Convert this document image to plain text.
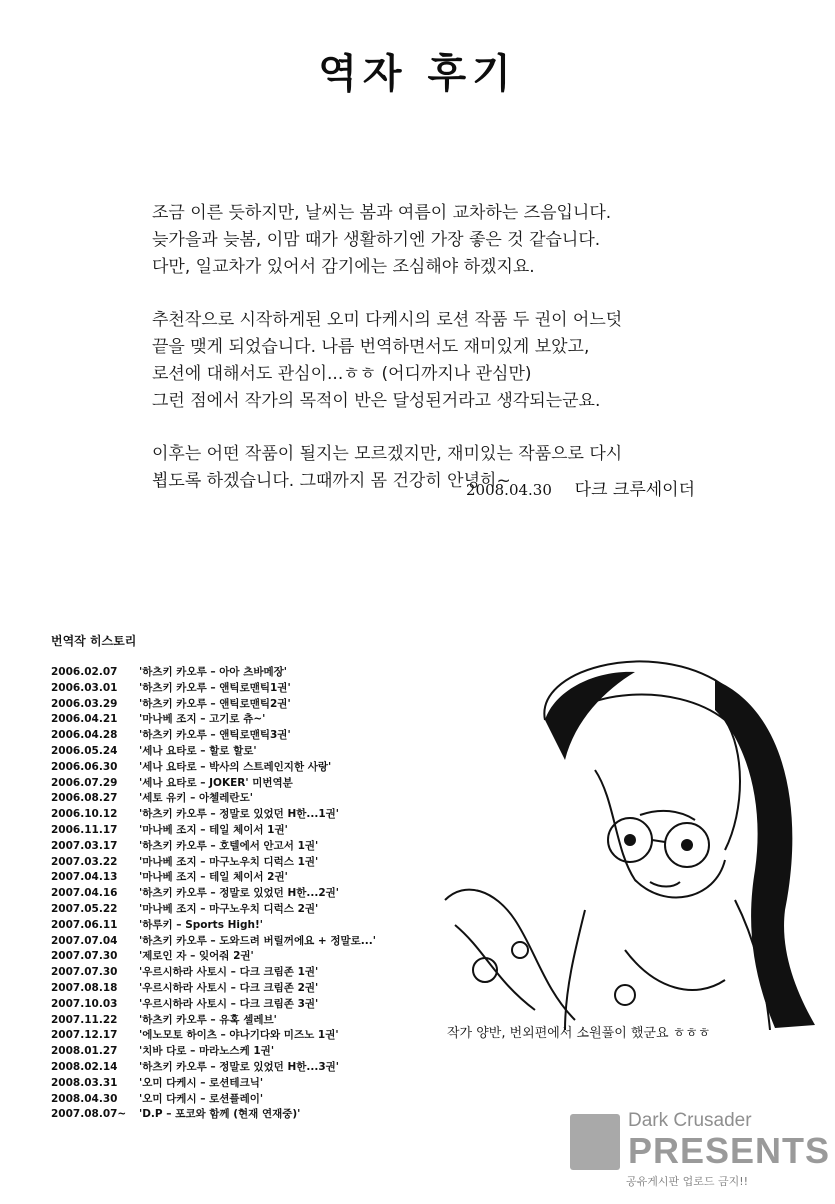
역자 후기
조금 이른 듯하지만, 날씨는 봄과 여름이 교차하는 즈음입니다.
늦가을과 늦봄, 이맘 때가 생활하기엔 가장 좋은 것 같습니다.
다만, 일교차가 있어서 감기에는 조심해야 하겠지요.
추천작으로 시작하게된 오미 다케시의 로션 작품 두 권이 어느덧
끝을 맺게 되었습니다. 나름 번역하면서도 재미있게 보았고,
로션에 대해서도 관심이...ㅎㅎ (어디까지나 관심만)
그런 점에서 작가의 목적이 반은 달성된거라고 생각되는군요.
이후는 어떤 작품이 될지는 모르겠지만, 재미있는 작품으로 다시
뵙도록 하겠습니다. 그때까지 몸 건강히 안녕히~
2008.04.30 다크 크루세이더
번역작 히스토리
2006.02.07 '하츠키 카오루 – 아아 츠바메장'
2006.03.01 '하츠키 카오루 – 앤틱로맨틱1권'
2006.03.29 '하츠키 카오루 – 앤틱로맨틱2권'
2006.04.21 '마나베 조지 – 고기로 츄~'
2006.04.28 '하츠키 카오루 – 앤틱로맨틱3권'
2006.05.24 '세나 요타로 – 할로 할로'
2006.06.30 '세나 요타로 – 박사의 스트레인지한 사랑'
2006.07.29 '세나 요타로 – JOKER' 미번역분
2006.08.27 '세토 유키 – 아첼레란도'
2006.10.12 '하츠키 카오루 – 정말로 있었던 H한...1권'
2006.11.17 '마나베 조지 – 테일 체이서 1권'
2007.03.17 '하츠키 카오루 – 호텔에서 안고서 1권'
2007.03.22 '마나베 조지 – 마구노우치 디럭스 1권'
2007.04.13 '마나베 조지 – 테일 체이서 2권'
2007.04.16 '하츠키 카오루 – 정말로 있었던 H한...2권'
2007.05.22 '마나베 조지 – 마구노우치 디럭스 2권'
2007.06.11 '하루키 – Sports High!'
2007.07.04 '하츠키 카오루 – 도와드려 버릴꺼에요 + 정말로...'
2007.07.30 '제로인 자 – 잊어줘 2권'
2007.07.30 '우르시하라 사토시 – 다크 크림존 1권'
2007.08.18 '우르시하라 사토시 – 다크 크림존 2권'
2007.10.03 '우르시하라 사토시 – 다크 크림존 3권'
2007.11.22 '하츠키 카오루 – 유혹 셀레브'
2007.12.17 '에노모토 하이츠 – 야나기다와 미즈노 1권'
2008.01.27 '치바 다로 – 마라노스케 1권'
2008.02.14 '하츠키 카오루 – 정말로 있었던 H한...3권'
2008.03.31 '오미 다케시 – 로션테크닉'
2008.04.30 '오미 다케시 – 로션플레이'
2007.08.07~ 'D.P – 포코와 함께 (현재 연재중)'
작가 양반, 번외편에서 소원풀이 했군요 ㅎㅎㅎ
Dark Crusader
PRESENTS
공유게시판 업로드 금지!!
